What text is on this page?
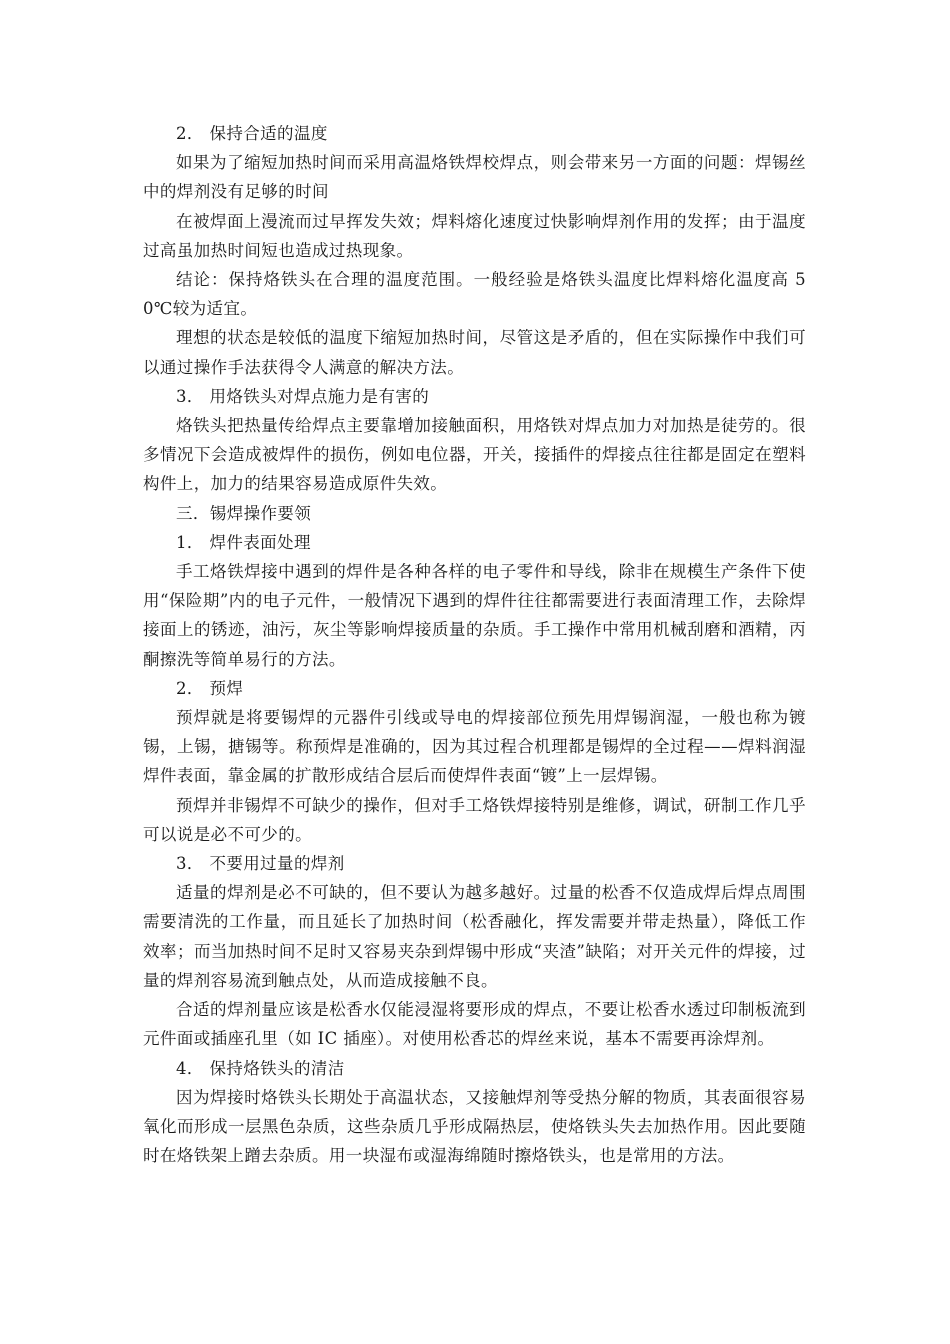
2． 保持合适的温度

如果为了缩短加热时间而采用高温烙铁焊校焊点，则会带来另一方面的问题：焊锡丝中的焊剂没有足够的时间

在被焊面上漫流而过早挥发失效；焊料熔化速度过快影响焊剂作用的发挥；由于温度过高虽加热时间短也造成过热现象。

结论：保持烙铁头在合理的温度范围。一般经验是烙铁头温度比焊料熔化温度高 50℃较为适宜。

理想的状态是较低的温度下缩短加热时间，尽管这是矛盾的，但在实际操作中我们可以通过操作手法获得令人满意的解决方法。

3． 用烙铁头对焊点施力是有害的

烙铁头把热量传给焊点主要靠增加接触面积，用烙铁对焊点加力对加热是徒劳的。很多情况下会造成被焊件的损伤，例如电位器，开关，接插件的焊接点往往都是固定在塑料构件上，加力的结果容易造成原件失效。

三．锡焊操作要领

1． 焊件表面处理

手工烙铁焊接中遇到的焊件是各种各样的电子零件和导线，除非在规模生产条件下使用“保险期”内的电子元件，一般情况下遇到的焊件往往都需要进行表面清理工作，去除焊接面上的锈迹，油污，灰尘等影响焊接质量的杂质。手工操作中常用机械刮磨和酒精，丙酮擦洗等简单易行的方法。

2． 预焊

预焊就是将要锡焊的元器件引线或导电的焊接部位预先用焊锡润湿，一般也称为镀锡，上锡，搪锡等。称预焊是准确的，因为其过程合机理都是锡焊的全过程——焊料润湿焊件表面，靠金属的扩散形成结合层后而使焊件表面“镀”上一层焊锡。

预焊并非锡焊不可缺少的操作，但对手工烙铁焊接特别是维修，调试，研制工作几乎可以说是必不可少的。

3． 不要用过量的焊剂

适量的焊剂是必不可缺的，但不要认为越多越好。过量的松香不仅造成焊后焊点周围需要清洗的工作量，而且延长了加热时间（松香融化，挥发需要并带走热量），降低工作效率；而当加热时间不足时又容易夹杂到焊锡中形成“夹渣”缺陷；对开关元件的焊接，过量的焊剂容易流到触点处，从而造成接触不良。

合适的焊剂量应该是松香水仅能浸湿将要形成的焊点，不要让松香水透过印制板流到元件面或插座孔里（如 IC 插座）。对使用松香芯的焊丝来说，基本不需要再涂焊剂。

4． 保持烙铁头的清洁

因为焊接时烙铁头长期处于高温状态，又接触焊剂等受热分解的物质，其表面很容易氧化而形成一层黑色杂质，这些杂质几乎形成隔热层，使烙铁头失去加热作用。因此要随时在烙铁架上蹭去杂质。用一块湿布或湿海绵随时擦烙铁头，也是常用的方法。
